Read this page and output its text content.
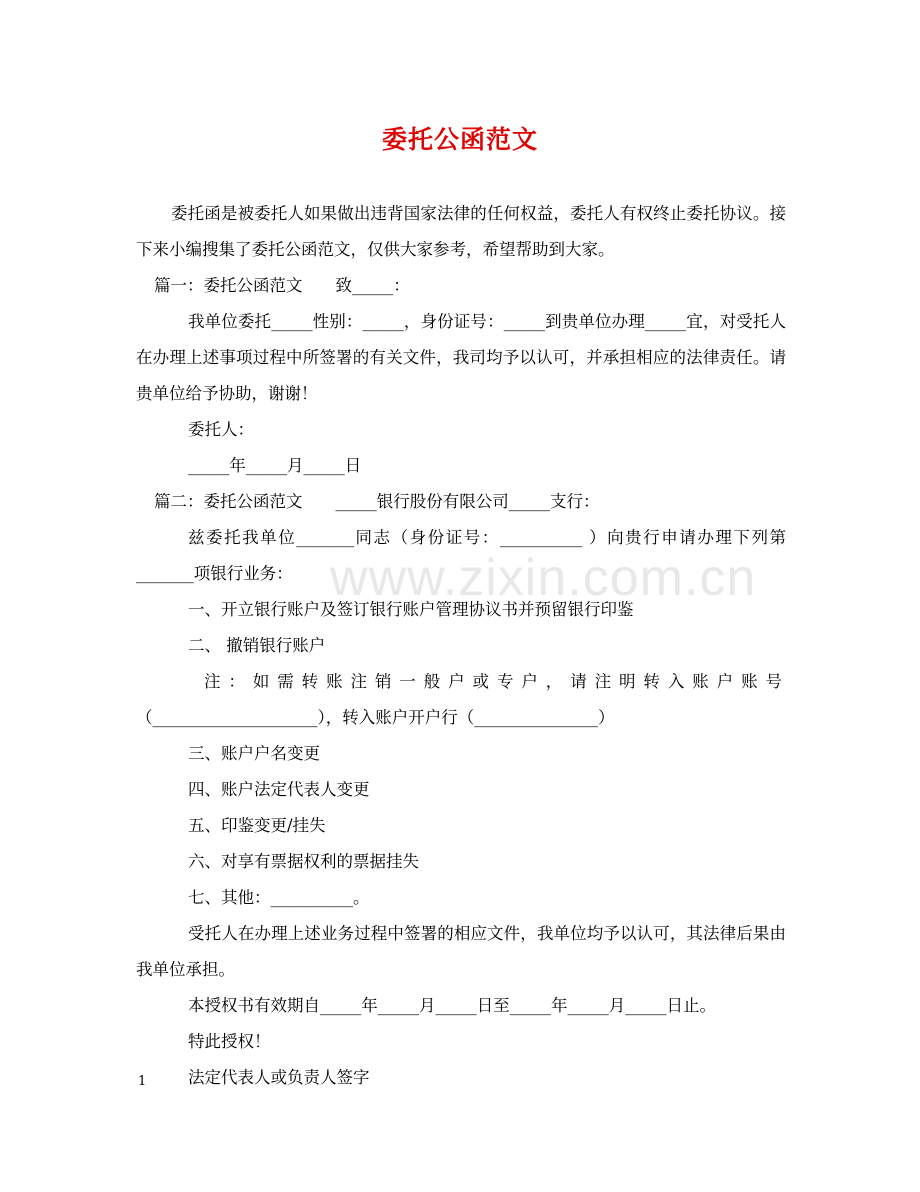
委托公函范文
www.zixin.com.cn

委托函是被委托人如果做出违背国家法律的任何权益，委托人有权终止委托协议。接下来小编搜集了委托公函范文，仅供大家参考，希望帮助到大家。

篇一：委托公函范文　　致_____：

我单位委托_____性别：_____，身份证号：_____到贵单位办理_____宜，对受托人在办理上述事项过程中所签署的有关文件，我司均予以认可，并承担相应的法律责任。请贵单位给予协助，谢谢！

委托人：

_____年_____月_____日

篇二：委托公函范文　　_____银行股份有限公司_____支行：

兹委托我单位_______同志（身份证号：__________ ）向贵行申请办理下列第_______项银行业务：

一、开立银行账户及签订银行账户管理协议书并预留银行印鉴

二、 撤销银行账户

注：如需转账注销一般户或专户，请注明转入账户账号

（____________________），转入账户开户行（_______________）

三、账户户名变更

四、账户法定代表人变更

五、印鉴变更/挂失

六、对享有票据权利的票据挂失

七、其他：__________。

受托人在办理上述业务过程中签署的相应文件，我单位均予以认可，其法律后果由我单位承担。

本授权书有效期自_____年_____月_____日至_____年_____月_____日止。

特此授权！

法定代表人或负责人签字

1
